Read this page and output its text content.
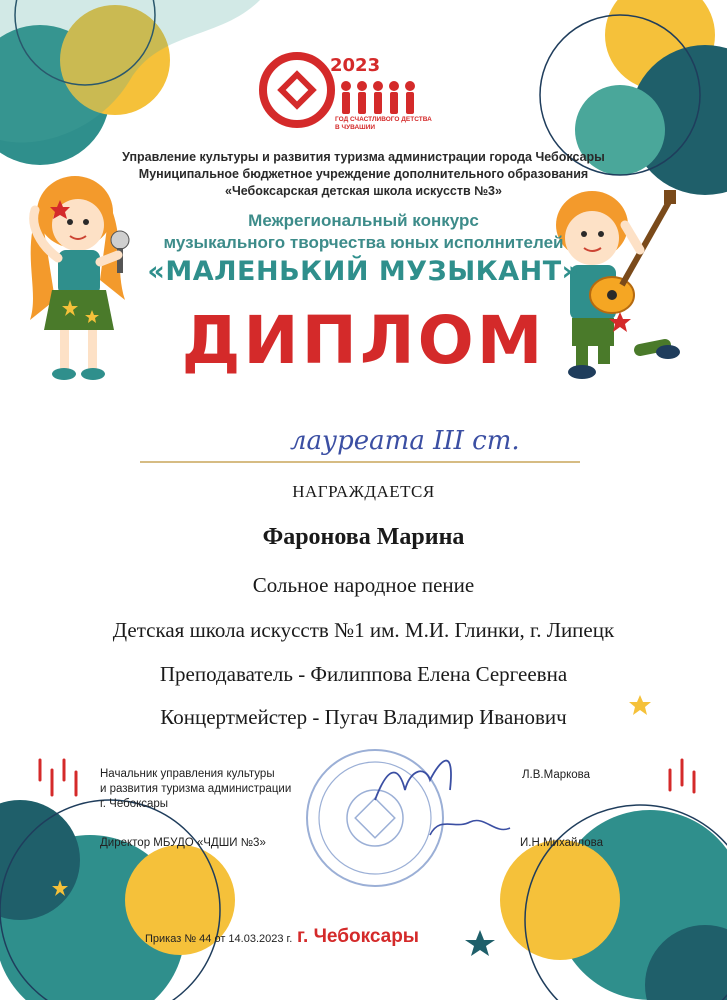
2023
ГОД СЧАСТЛИВОГО ДЕТСТВА
В ЧУВАШИИ
Управление культуры и развития туризма администрации города Чебоксары
Муниципальное бюджетное учреждение дополнительного образования
«Чебоксарская детская школа искусств №3»
Межрегиональный конкурс
музыкального творчества юных исполнителей
«МАЛЕНЬКИЙ МУЗЫКАНТ»
ДИПЛОМ
лауреата III ст.
НАГРАЖДАЕТСЯ
Фаронова Марина
Сольное народное пение
Детская школа искусств №1 им. М.И. Глинки, г. Липецк
Преподаватель - Филиппова Елена Сергеевна
Концертмейстер - Пугач Владимир Иванович
Начальник управления культуры
и развития туризма администрации
г. Чебоксары
Л.В.Маркова
Директор МБУДО «ЧДШИ №3»	И.Н.Михайлова
Приказ № 44 от 14.03.2023 г. г. Чебоксары
